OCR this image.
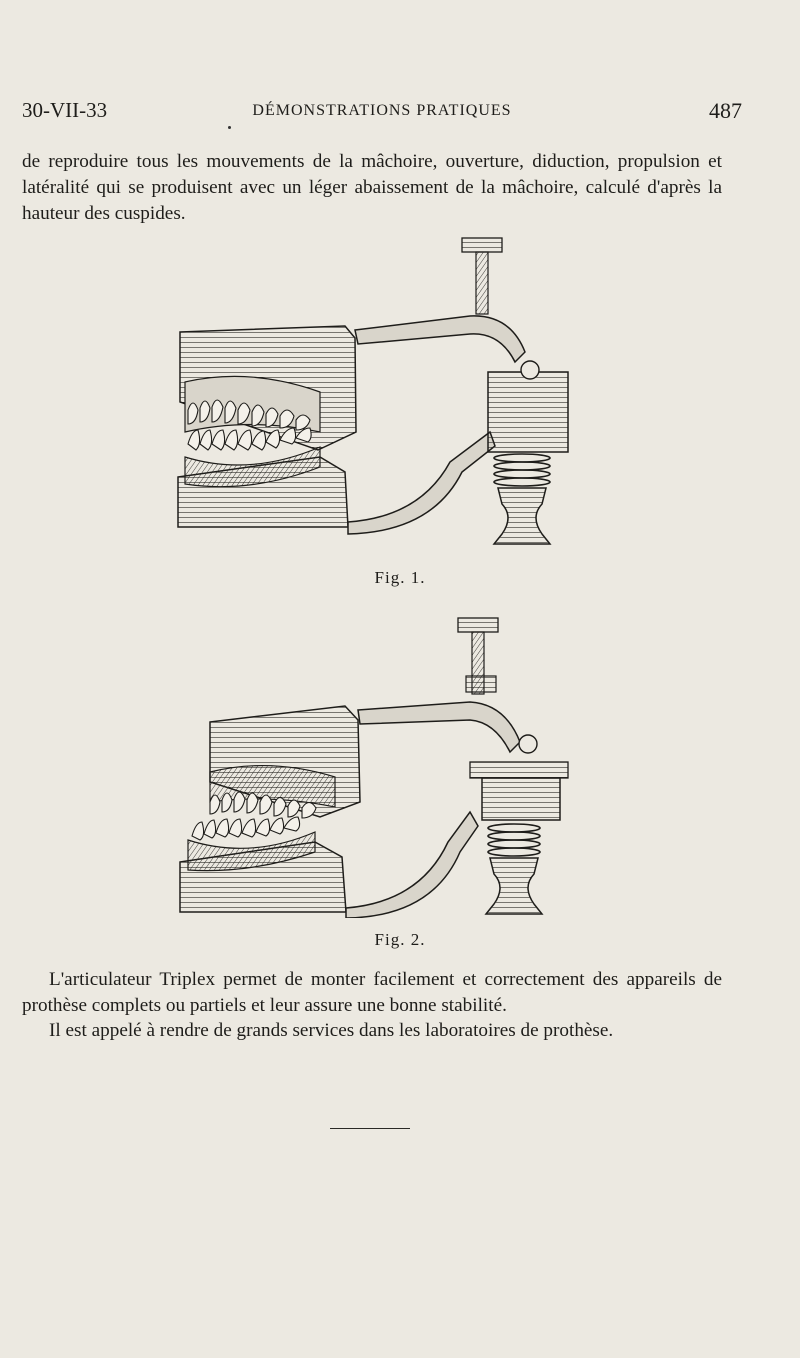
30-VII-33	DÉMONSTRATIONS PRATIQUES	487

de reproduire tous les mouvements de la mâchoire, ouverture, diduction, propulsion et latéralité qui se produisent avec un léger abaissement de la mâchoire, calculé d'après la hauteur des cuspides.

Fig. 1.
Fig. 2.

L'articulateur Triplex permet de monter facilement et correctement des appareils de prothèse complets ou partiels et leur assure une bonne stabilité.

Il est appelé à rendre de grands services dans les laboratoires de prothèse.
